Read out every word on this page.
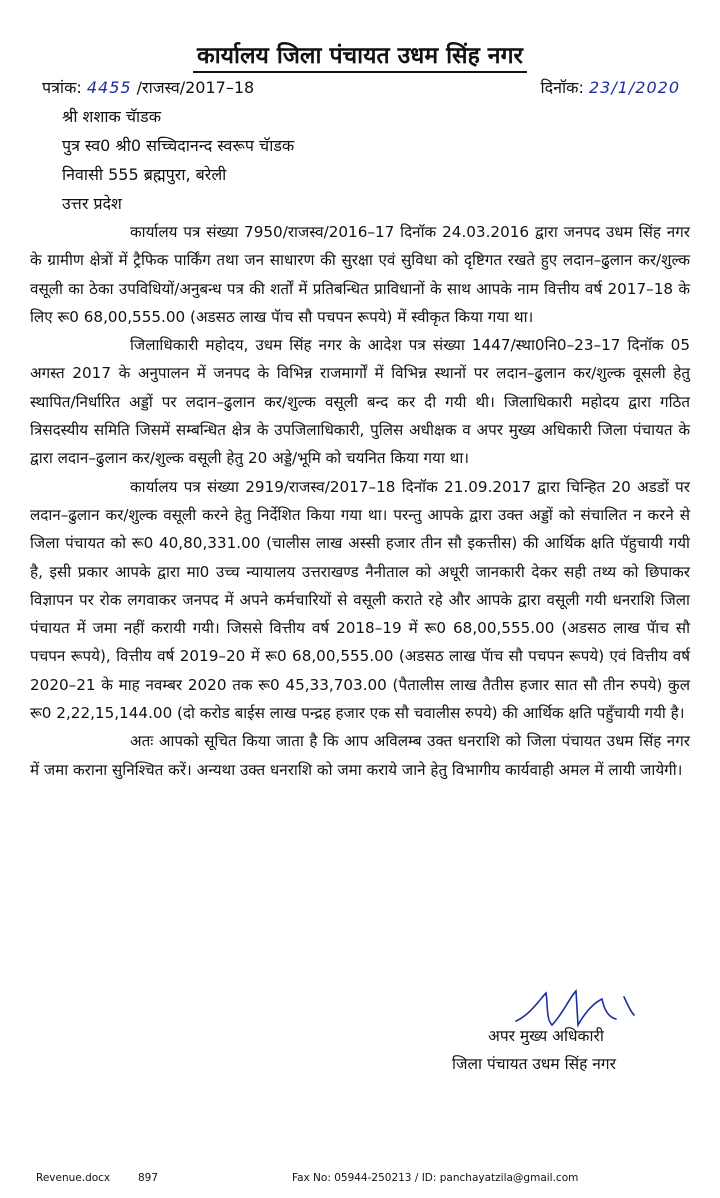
कार्यालय जिला पंचायत उधम सिंह नगर
पत्रांक: 4455 /राजस्व/2017–18	दिनॉक: 23/1/2020
श्री शशाक चॅाडक
पुत्र स्व0 श्री0 सच्चिदानन्द स्वरूप चॅाडक
निवासी 555 ब्रह्मपुरा, बरेली
उत्तर प्रदेश

कार्यालय पत्र संख्या 7950/राजस्व/2016–17 दिनॉक 24.03.2016 द्वारा जनपद उधम सिंह नगर के ग्रामीण क्षेत्रों में ट्रैफिक पार्किंग तथा जन साधारण की सुरक्षा एवं सुविधा को दृष्टिगत रखते हुए लदान–ढुलान कर/शुल्क वसूली का ठेका उपविधियों/अनुबन्ध पत्र की शर्तों में प्रतिबन्धित प्राविधानों के साथ आपके नाम वित्तीय वर्ष 2017–18 के लिए रू0 68,00,555.00 (अडसठ लाख पॅाच सौ पचपन रूपये) में स्वीकृत किया गया था।

जिलाधिकारी महोदय, उधम सिंह नगर के आदेश पत्र संख्या 1447/स्था0नि0–23–17 दिनॉक 05 अगस्त 2017 के अनुपालन में जनपद के विभिन्न राजमार्गों में विभिन्न स्थानों पर लदान–ढुलान कर/शुल्क वूसली हेतु स्थापित/निर्धारित अड्डों पर लदान–ढुलान कर/शुल्क वसूली बन्द कर दी गयी थी। जिलाधिकारी महोदय द्वारा गठित त्रिसदस्यीय समिति जिसमें सम्बन्धित क्षेत्र के उपजिलाधिकारी, पुलिस अधीक्षक व अपर मुख्य अधिकारी जिला पंचायत के द्वारा लदान–ढुलान कर/शुल्क वसूली हेतु 20 अड्डे/भूमि को चयनित किया गया था।

कार्यालय पत्र संख्या 2919/राजस्व/2017–18 दिनॉक 21.09.2017 द्वारा चिन्हित 20 अडडों पर लदान–ढुलान कर/शुल्क वसूली करने हेतु निर्देशित किया गया था। परन्तु आपके द्वारा उक्त अड्डों को संचालित न करने से जिला पंचायत को रू0 40,80,331.00 (चालीस लाख अस्सी हजार तीन सौ इकत्तीस) की आर्थिक क्षति पॅहुचायी गयी है, इसी प्रकार आपके द्वारा मा0 उच्च न्यायालय उत्तराखण्ड नैनीताल को अधूरी जानकारी देकर सही तथ्य को छिपाकर विज्ञापन पर रोक लगवाकर जनपद में अपने कर्मचारियों से वसूली कराते रहे और आपके द्वारा वसूली गयी धनराशि जिला पंचायत में जमा नहीं करायी गयी। जिससे वित्तीय वर्ष 2018–19 में रू0 68,00,555.00 (अडसठ लाख पॅाच सौ पचपन रूपये), वित्तीय वर्ष 2019–20 में रू0 68,00,555.00 (अडसठ लाख पॅाच सौ पचपन रूपये) एवं वित्तीय वर्ष 2020–21 के माह नवम्बर 2020 तक रू0 45,33,703.00 (पैतालीस लाख तैतीस हजार सात सौ तीन रुपये) कुल रू0 2,22,15,144.00 (दो करोड बाईस लाख पन्द्रह हजार एक सौ चवालीस रुपये) की आर्थिक क्षति पहुँचायी गयी है।

अतः आपको सूचित किया जाता है कि आप अविलम्ब उक्त धनराशि को जिला पंचायत उधम सिंह नगर में जमा कराना सुनिश्चित करें। अन्यथा उक्त धनराशि को जमा कराये जाने हेतु विभागीय कार्यवाही अमल में लायी जायेगी।

अपर मुख्य अधिकारी
जिला पंचायत उधम सिंह नगर
Revenue.docx	897	Fax No: 05944-250213 / ID: panchayatzila@gmail.com
